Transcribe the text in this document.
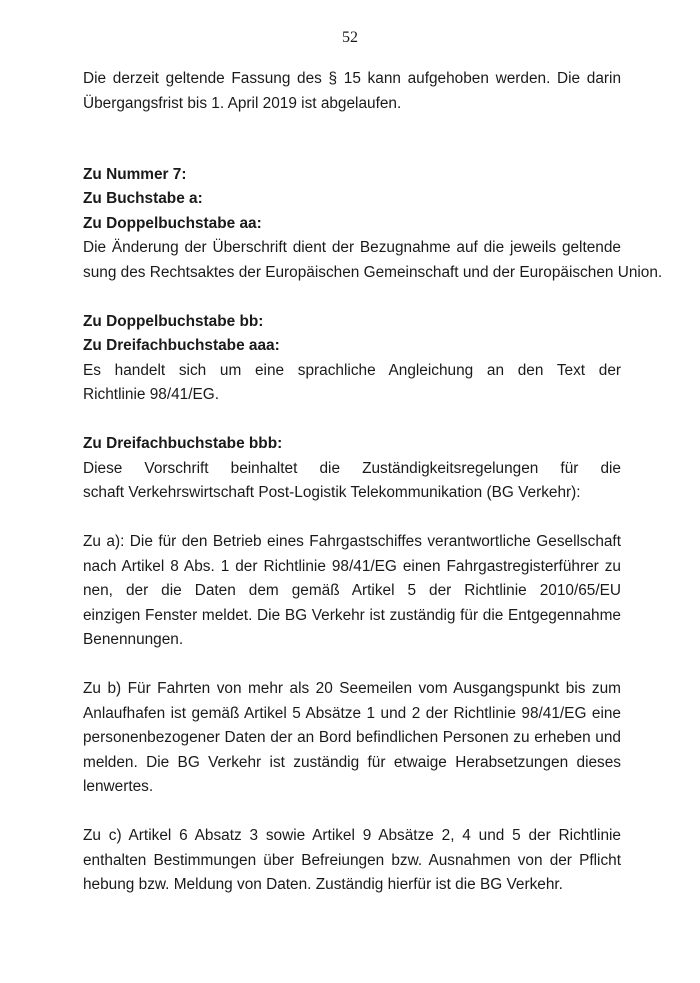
52
Die derzeit geltende Fassung des § 15 kann aufgehoben werden. Die darin
Übergangsfrist bis 1. April 2019 ist abgelaufen.
Zu Nummer 7:
Zu Buchstabe a:
Zu Doppelbuchstabe aa:
Die Änderung der Überschrift dient der Bezugnahme auf die jeweils geltende
sung des Rechtsaktes der Europäischen Gemeinschaft und der Europäischen Union.
Zu Doppelbuchstabe bb:
Zu Dreifachbuchstabe aaa:
Es handelt sich um eine sprachliche Angleichung an den Text der
Richtlinie 98/41/EG.
Zu Dreifachbuchstabe bbb:
Diese Vorschrift beinhaltet die Zuständigkeitsregelungen für die
schaft Verkehrswirtschaft Post-Logistik Telekommunikation (BG Verkehr):
Zu a): Die für den Betrieb eines Fahrgastschiffes verantwortliche Gesellschaft
nach Artikel 8 Abs. 1 der Richtlinie 98/41/EG einen Fahrgastregisterführer zu
nen, der die Daten dem gemäß Artikel 5 der Richtlinie 2010/65/EU
einzigen Fenster meldet. Die BG Verkehr ist zuständig für die Entgegennahme
Benennungen.
Zu b) Für Fahrten von mehr als 20 Seemeilen vom Ausgangspunkt bis zum
Anlaufhafen ist gemäß Artikel 5 Absätze 1 und 2 der Richtlinie 98/41/EG eine
personenbezogener Daten der an Bord befindlichen Personen zu erheben und
melden. Die BG Verkehr ist zuständig für etwaige Herabsetzungen dieses
lenwertes.
Zu c) Artikel 6 Absatz 3 sowie Artikel 9 Absätze 2, 4 und 5 der Richtlinie
enthalten Bestimmungen über Befreiungen bzw. Ausnahmen von der Pflicht
hebung bzw. Meldung von Daten. Zuständig hierfür ist die BG Verkehr.
